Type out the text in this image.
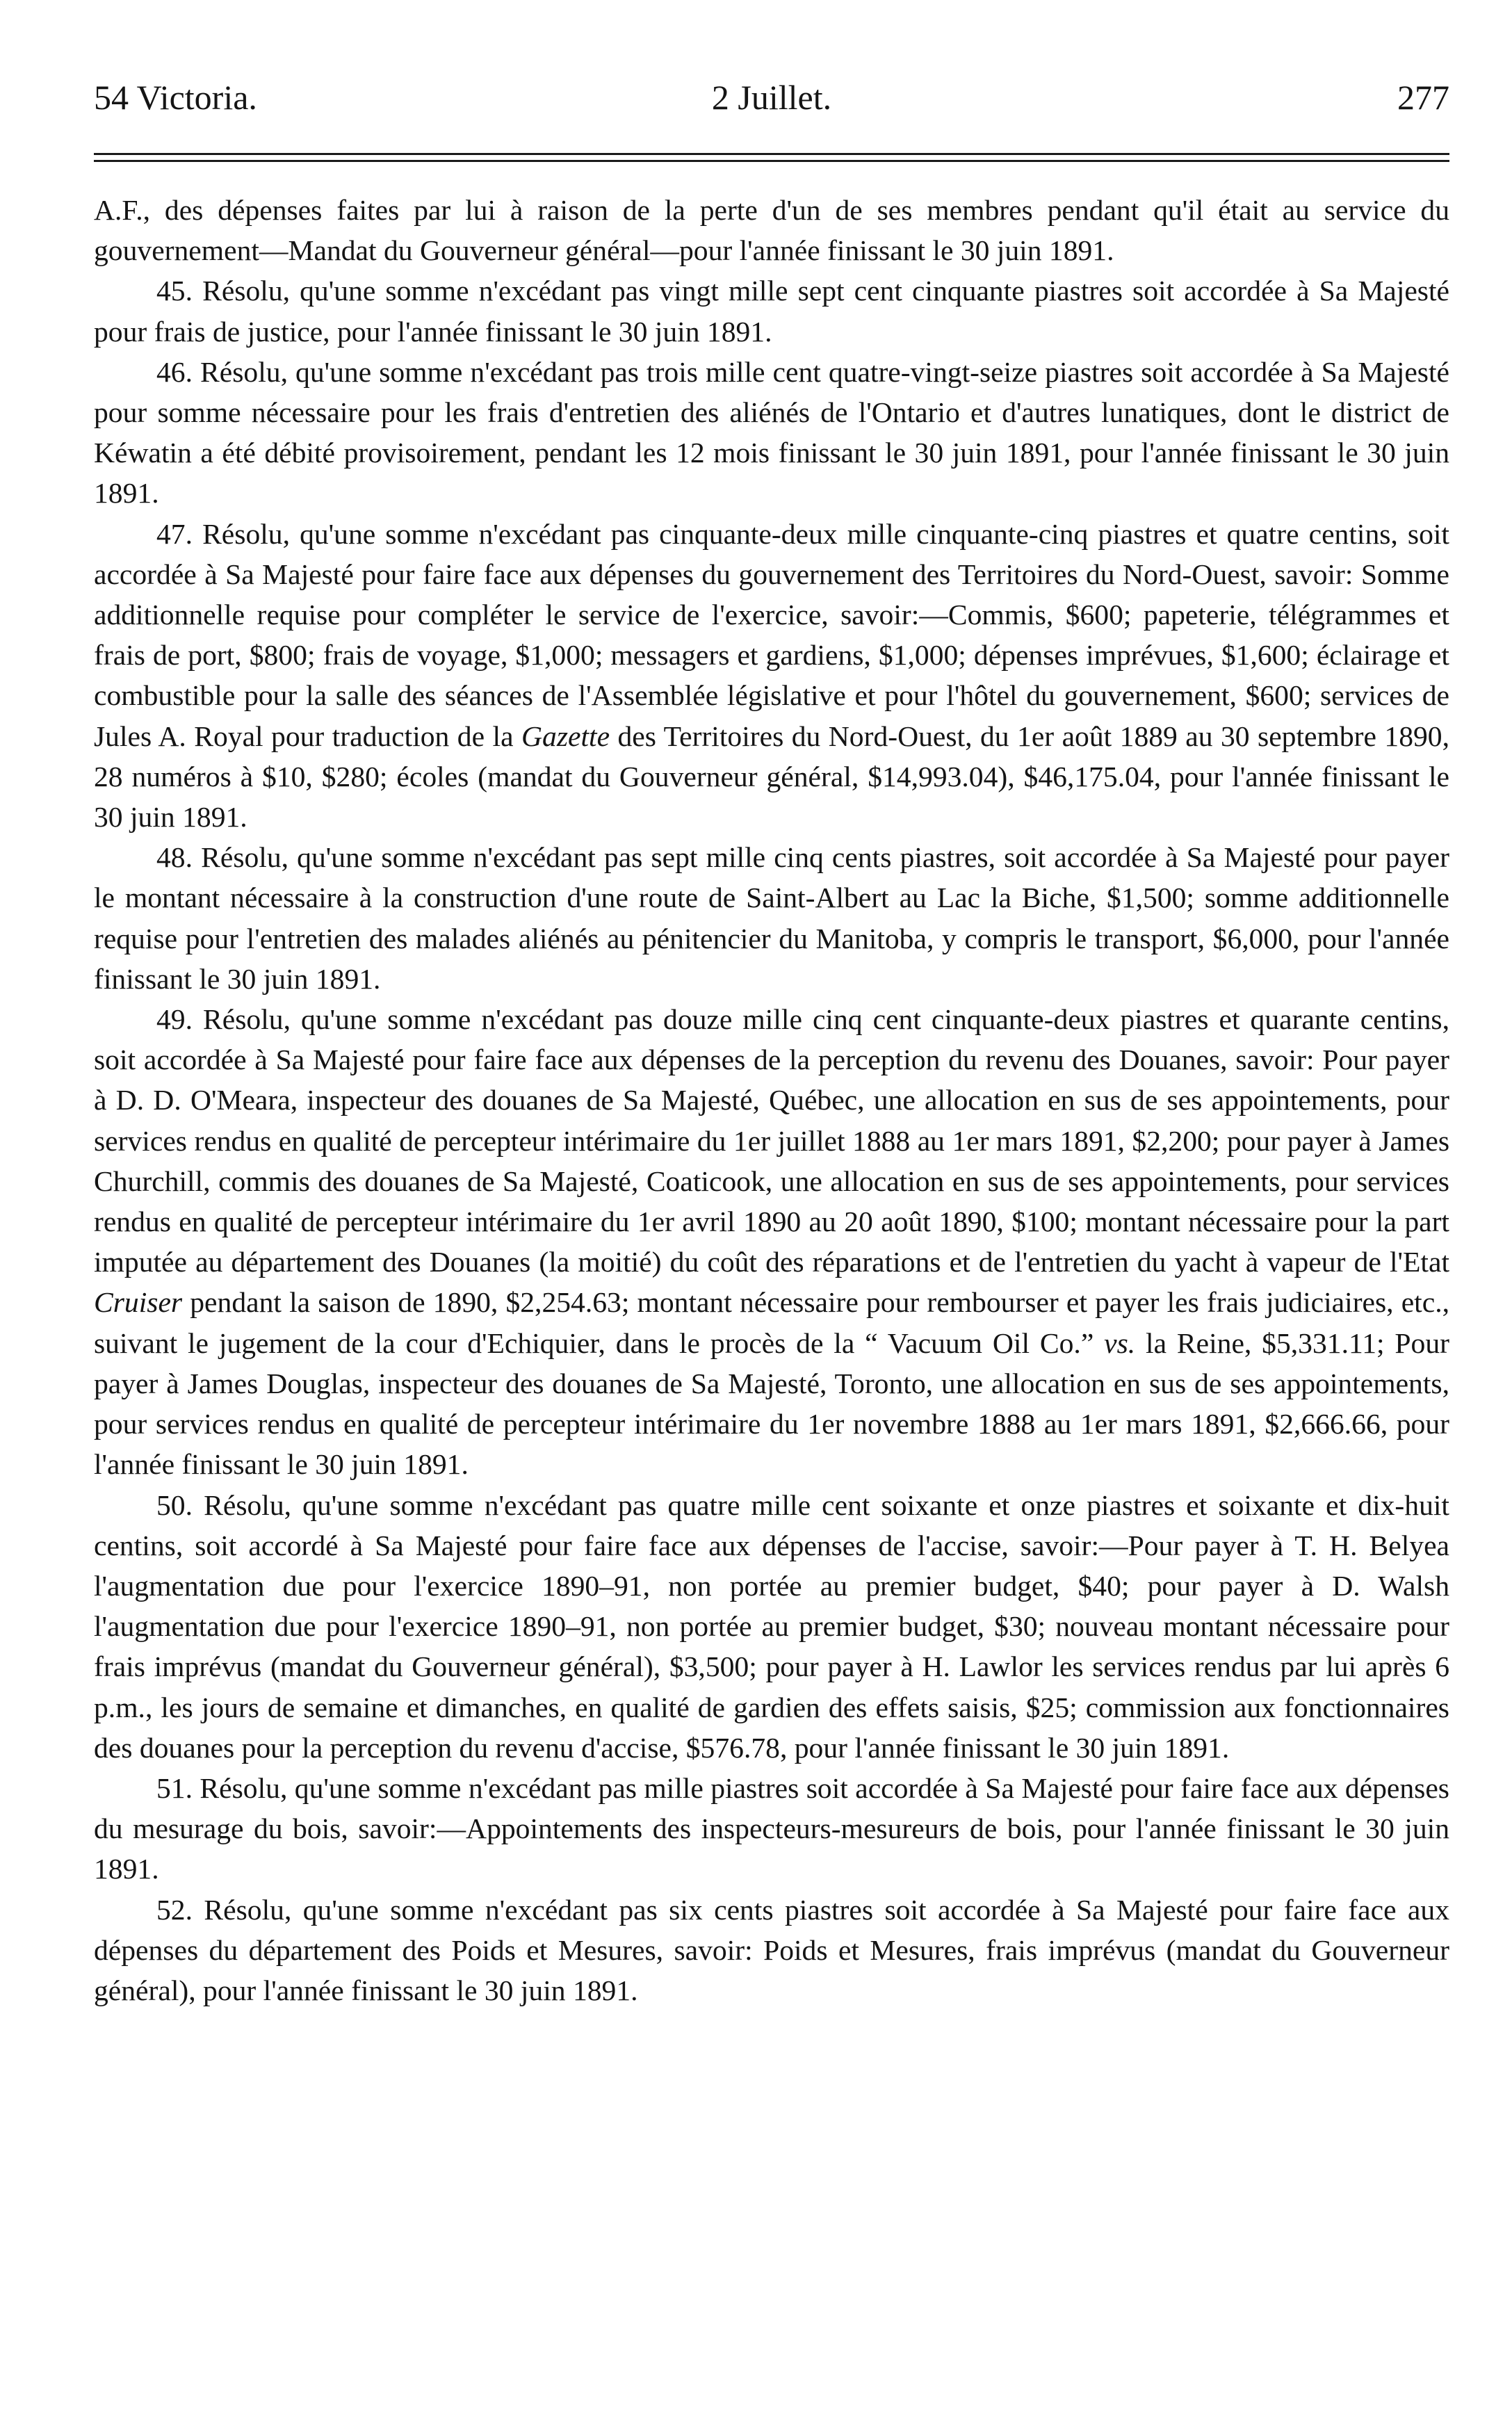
54 Victoria.	2 Juillet.	277

A.F., des dépenses faites par lui à raison de la perte d'un de ses membres pendant qu'il était au service du gouvernement—Mandat du Gouverneur général—pour l'année finissant le 30 juin 1891.

45. Résolu, qu'une somme n'excédant pas vingt mille sept cent cinquante piastres soit accordée à Sa Majesté pour frais de justice, pour l'année finissant le 30 juin 1891.

46. Résolu, qu'une somme n'excédant pas trois mille cent quatre-vingt-seize piastres soit accordée à Sa Majesté pour somme nécessaire pour les frais d'entretien des aliénés de l'Ontario et d'autres lunatiques, dont le district de Kéwatin a été débité provisoirement, pendant les 12 mois finissant le 30 juin 1891, pour l'année finissant le 30 juin 1891.

47. Résolu, qu'une somme n'excédant pas cinquante-deux mille cinquante-cinq piastres et quatre centins, soit accordée à Sa Majesté pour faire face aux dépenses du gouvernement des Territoires du Nord-Ouest, savoir: Somme additionnelle requise pour compléter le service de l'exercice, savoir:—Commis, $600; papeterie, télégrammes et frais de port, $800; frais de voyage, $1,000; messagers et gardiens, $1,000; dépenses imprévues, $1,600; éclairage et combustible pour la salle des séances de l'Assemblée législative et pour l'hôtel du gouvernement, $600; services de Jules A. Royal pour traduction de la Gazette des Territoires du Nord-Ouest, du 1er août 1889 au 30 septembre 1890, 28 numéros à $10, $280; écoles (mandat du Gouverneur général, $14,993.04), $46,175.04, pour l'année finissant le 30 juin 1891.

48. Résolu, qu'une somme n'excédant pas sept mille cinq cents piastres, soit accordée à Sa Majesté pour payer le montant nécessaire à la construction d'une route de Saint-Albert au Lac la Biche, $1,500; somme additionnelle requise pour l'entretien des malades aliénés au pénitencier du Manitoba, y compris le transport, $6,000, pour l'année finissant le 30 juin 1891.

49. Résolu, qu'une somme n'excédant pas douze mille cinq cent cinquante-deux piastres et quarante centins, soit accordée à Sa Majesté pour faire face aux dépenses de la perception du revenu des Douanes, savoir: Pour payer à D. D. O'Meara, inspecteur des douanes de Sa Majesté, Québec, une allocation en sus de ses appointements, pour services rendus en qualité de percepteur intérimaire du 1er juillet 1888 au 1er mars 1891, $2,200; pour payer à James Churchill, commis des douanes de Sa Majesté, Coaticook, une allocation en sus de ses appointements, pour services rendus en qualité de percepteur intérimaire du 1er avril 1890 au 20 août 1890, $100; montant nécessaire pour la part imputée au département des Douanes (la moitié) du coût des réparations et de l'entretien du yacht à vapeur de l'Etat Cruiser pendant la saison de 1890, $2,254.63; montant nécessaire pour rembourser et payer les frais judiciaires, etc., suivant le jugement de la cour d'Echiquier, dans le procès de la “ Vacuum Oil Co.” vs. la Reine, $5,331.11; Pour payer à James Douglas, inspecteur des douanes de Sa Majesté, Toronto, une allocation en sus de ses appointements, pour services rendus en qualité de percepteur intérimaire du 1er novembre 1888 au 1er mars 1891, $2,666.66, pour l'année finissant le 30 juin 1891.

50. Résolu, qu'une somme n'excédant pas quatre mille cent soixante et onze piastres et soixante et dix-huit centins, soit accordé à Sa Majesté pour faire face aux dépenses de l'accise, savoir:—Pour payer à T. H. Belyea l'augmentation due pour l'exercice 1890–91, non portée au premier budget, $40; pour payer à D. Walsh l'augmentation due pour l'exercice 1890–91, non portée au premier budget, $30; nouveau montant nécessaire pour frais imprévus (mandat du Gouverneur général), $3,500; pour payer à H. Lawlor les services rendus par lui après 6 p.m., les jours de semaine et dimanches, en qualité de gardien des effets saisis, $25; commission aux fonctionnaires des douanes pour la perception du revenu d'accise, $576.78, pour l'année finissant le 30 juin 1891.

51. Résolu, qu'une somme n'excédant pas mille piastres soit accordée à Sa Majesté pour faire face aux dépenses du mesurage du bois, savoir:—Appointements des inspecteurs-mesureurs de bois, pour l'année finissant le 30 juin 1891.

52. Résolu, qu'une somme n'excédant pas six cents piastres soit accordée à Sa Majesté pour faire face aux dépenses du département des Poids et Mesures, savoir: Poids et Mesures, frais imprévus (mandat du Gouverneur général), pour l'année finissant le 30 juin 1891.
